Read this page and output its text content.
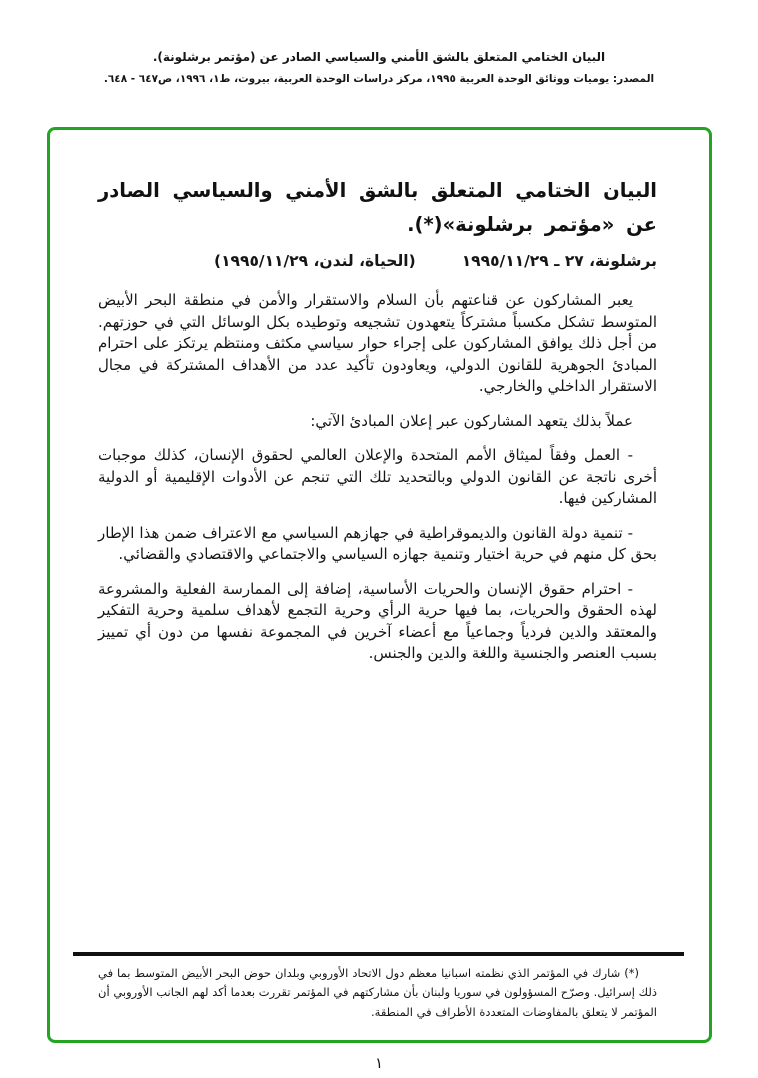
البيان الختامي المتعلق بالشق الأمني والسياسي الصادر عن (مؤتمر برشلونة).
المصدر: يوميات ووثائق الوحدة العربية ١٩٩٥، مركز دراسات الوحدة العربية، بيروت، ط١، ١٩٩٦، ص٦٤٧ - ٦٤٨.
البيان الختامي المتعلق بالشق الأمني والسياسي الصادر عن «مؤتمر برشلونة»(*).
برشلونة، ٢٧ ـ ١٩٩٥/١١/٢٩
(الحياة، لندن، ١٩٩٥/١١/٢٩)

يعبر المشاركون عن قناعتهم بأن السلام والاستقرار والأمن في منطقة البحر الأبيض المتوسط تشكل مكسباً مشتركاً يتعهدون تشجيعه وتوطيده بكل الوسائل التي في حوزتهم. من أجل ذلك يوافق المشاركون على إجراء حوار سياسي مكثف ومنتظم يرتكز على احترام المبادئ الجوهرية للقانون الدولي، ويعاودون تأكيد عدد من الأهداف المشتركة في مجال الاستقرار الداخلي والخارجي.

عملاً بذلك يتعهد المشاركون عبر إعلان المبادئ الآتي:

- العمل وفقاً لميثاق الأمم المتحدة والإعلان العالمي لحقوق الإنسان، كذلك موجبات أخرى ناتجة عن القانون الدولي وبالتحديد تلك التي تنجم عن الأدوات الإقليمية أو الدولية المشاركين فيها.

- تنمية دولة القانون والديموقراطية في جهازهم السياسي مع الاعتراف ضمن هذا الإطار بحق كل منهم في حرية اختيار وتنمية جهازه السياسي والاجتماعي والاقتصادي والقضائي.

- احترام حقوق الإنسان والحريات الأساسية، إضافة إلى الممارسة الفعلية والمشروعة لهذه الحقوق والحريات، بما فيها حرية الرأي وحرية التجمع لأهداف سلمية وحرية التفكير والمعتقد والدين فردياً وجماعياً مع أعضاء آخرين في المجموعة نفسها من دون أي تمييز بسبب العنصر والجنسية واللغة والدين والجنس.

(*) شارك في المؤتمر الذي نظمته اسبانيا معظم دول الاتحاد الأوروبي وبلدان حوض البحر الأبيض المتوسط بما في ذلك إسرائيل. وصرّح المسؤولون في سوريا ولبنان بأن مشاركتهم في المؤتمر تقررت بعدما أكد لهم الجانب الأوروبي أن المؤتمر لا يتعلق بالمفاوضات المتعددة الأطراف في المنطقة.

١
